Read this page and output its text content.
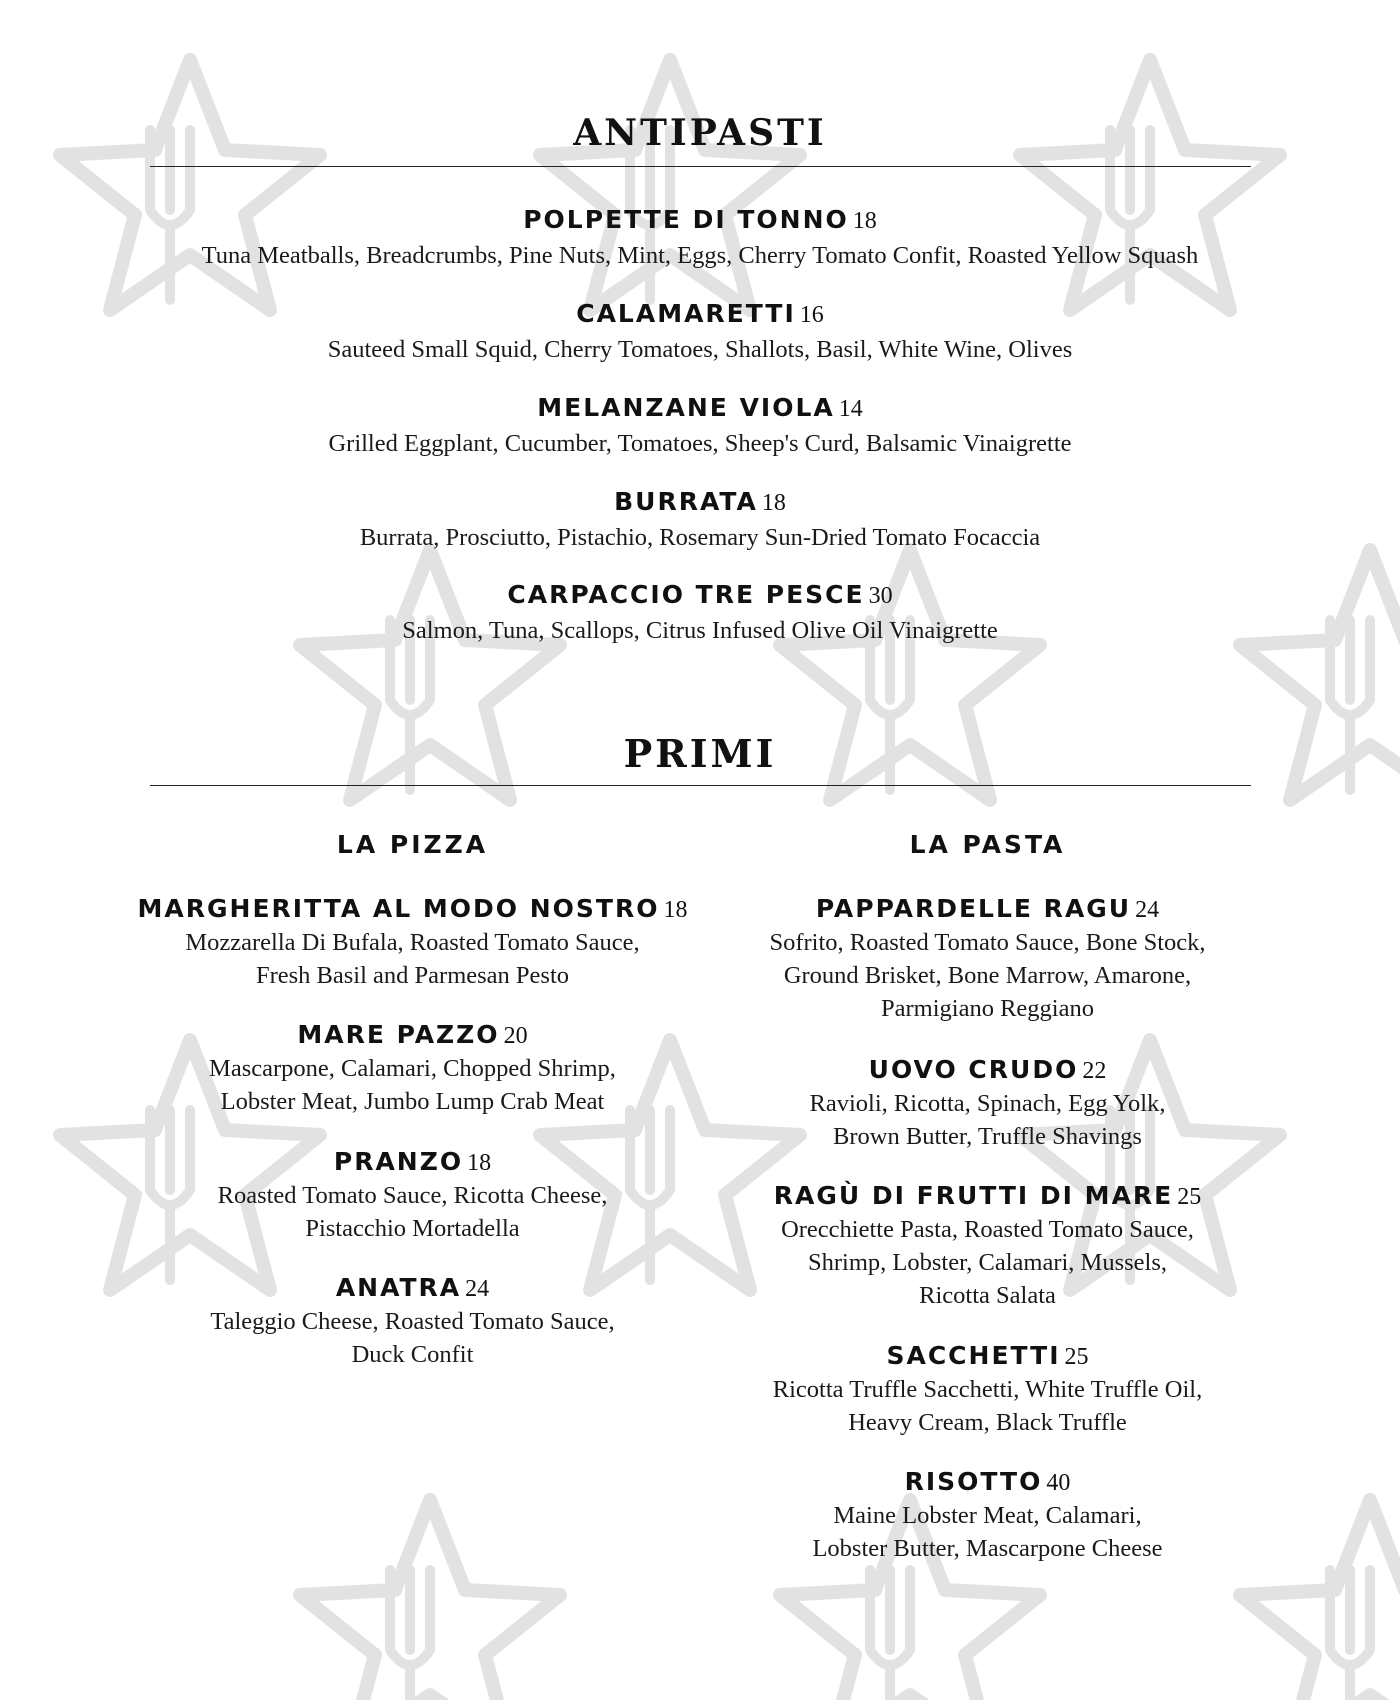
ANTIPASTI
POLPETTE DI TONNO 18
Tuna Meatballs, Breadcrumbs, Pine Nuts, Mint, Eggs, Cherry Tomato Confit, Roasted Yellow Squash
CALAMARETTI 16
Sauteed Small Squid, Cherry Tomatoes, Shallots, Basil, White Wine, Olives
MELANZANE VIOLA 14
Grilled Eggplant, Cucumber, Tomatoes, Sheep's Curd, Balsamic Vinaigrette
BURRATA 18
Burrata, Prosciutto, Pistachio, Rosemary Sun-Dried Tomato Focaccia
CARPACCIO TRE PESCE 30
Salmon, Tuna, Scallops, Citrus Infused Olive Oil Vinaigrette
PRIMI
LA PIZZA
MARGHERITTA AL MODO NOSTRO 18
Mozzarella Di Bufala, Roasted Tomato Sauce,
Fresh Basil and Parmesan Pesto
MARE PAZZO 20
Mascarpone, Calamari, Chopped Shrimp,
Lobster Meat, Jumbo Lump Crab Meat
PRANZO 18
Roasted Tomato Sauce, Ricotta Cheese,
Pistacchio Mortadella
ANATRA 24
Taleggio Cheese, Roasted Tomato Sauce,
Duck Confit
LA PASTA
PAPPARDELLE RAGU 24
Sofrito, Roasted Tomato Sauce, Bone Stock,
Ground Brisket, Bone Marrow, Amarone,
Parmigiano Reggiano
UOVO CRUDO 22
Ravioli, Ricotta, Spinach, Egg Yolk,
Brown Butter, Truffle Shavings
RAGÙ DI FRUTTI DI MARE 25
Orecchiette Pasta, Roasted Tomato Sauce,
Shrimp, Lobster, Calamari, Mussels,
Ricotta Salata
SACCHETTI 25
Ricotta Truffle Sacchetti, White Truffle Oil,
Heavy Cream, Black Truffle
RISOTTO 40
Maine Lobster Meat, Calamari,
Lobster Butter, Mascarpone Cheese
